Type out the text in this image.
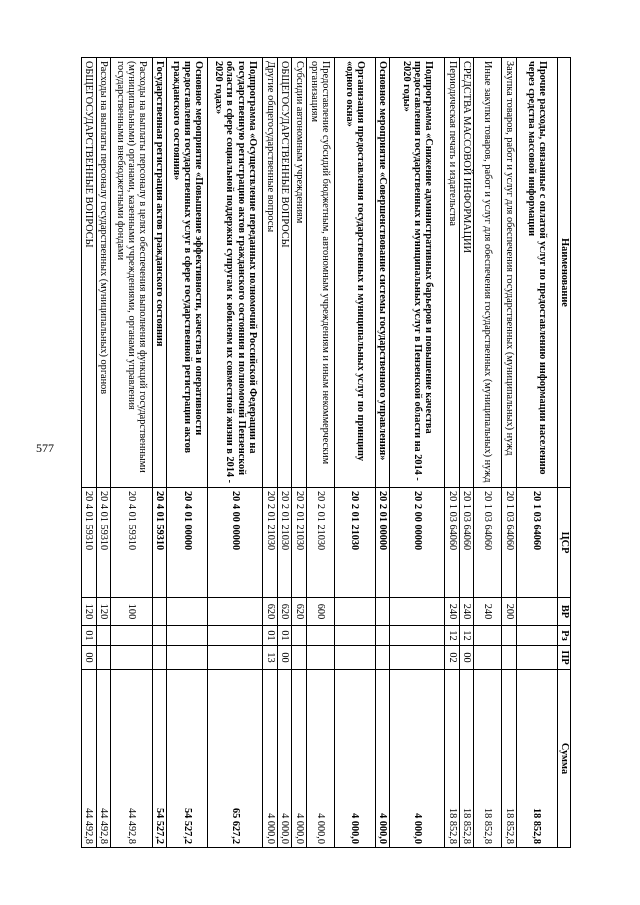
577
Наименование	ЦСР	ВР	Рз	ПР	Сумма
Прочие расходы, связанные с оплатой услуг по предоставлению информации населению через средства массовой информации	20 1 03 64060				18 852,8
Закупка товаров, работ и услуг для обеспечения государственных (муниципальных) нужд	20 1 03 64060	200			18 852,8
Иные закупки товаров, работ и услуг для обеспечения государственных (муниципальных) нужд	20 1 03 64060	240			18 852,8
СРЕДСТВА МАССОВОЙ ИНФОРМАЦИИ	20 1 03 64060	240	12	00	18 852,8
Периодическая печать и издательства	20 1 03 64060	240	12	02	18 852,8
Подпрограмма «Снижение административных барьеров и повышение качества предоставления государственных и муниципальных услуг в Пензенской области на 2014 - 2020 годы»	20 2 00 00000				4 000,0
Основное мероприятие «Совершенствование системы государственного управления»	20 2 01 00000				4 000,0
Организация предоставления государственных и муниципальных услуг по принципу «одного окна»	20 2 01 21030				4 000,0
Предоставление субсидий бюджетным, автономным учреждениям и иным некоммерческим организациям	20 2 01 21030	600			4 000,0
Субсидии автономным учреждениям	20 2 01 21030	620			4 000,0
ОБЩЕГОСУДАРСТВЕННЫЕ ВОПРОСЫ	20 2 01 21030	620	01	00	4 000,0
Другие общегосударственные вопросы	20 2 01 21030	620	01	13	4 000,0
Подпрограмма «Осуществление переданных полномочий Российской Федерации на государственную регистрацию актов гражданского состояния и полномочий Пензенской области в сфере социальной поддержки супругам к юбилеям их совместной жизни в 2014 - 2020 годах»	20 4 00 00000				65 627,2
Основное мероприятие «Повышение эффективности, качества и оперативности предоставления государственных услуг в сфере государственной регистрации актов гражданского состояния»	20 4 01 00000				54 527,2
Государственная регистрация актов гражданского состояния	20 4 01 59310				54 527,2
Расходы на выплаты персоналу в целях обеспечения выполнения функций государственными (муниципальными) органами, казенными учреждениями, органами управления государственными внебюджетными фондами	20 4 01 59310	100			44 492,8
Расходы на выплаты персоналу государственных (муниципальных) органов	20 4 01 59310	120			44 492,8
ОБЩЕГОСУДАРСТВЕННЫЕ ВОПРОСЫ	20 4 01 59310	120	01	00	44 492,8
